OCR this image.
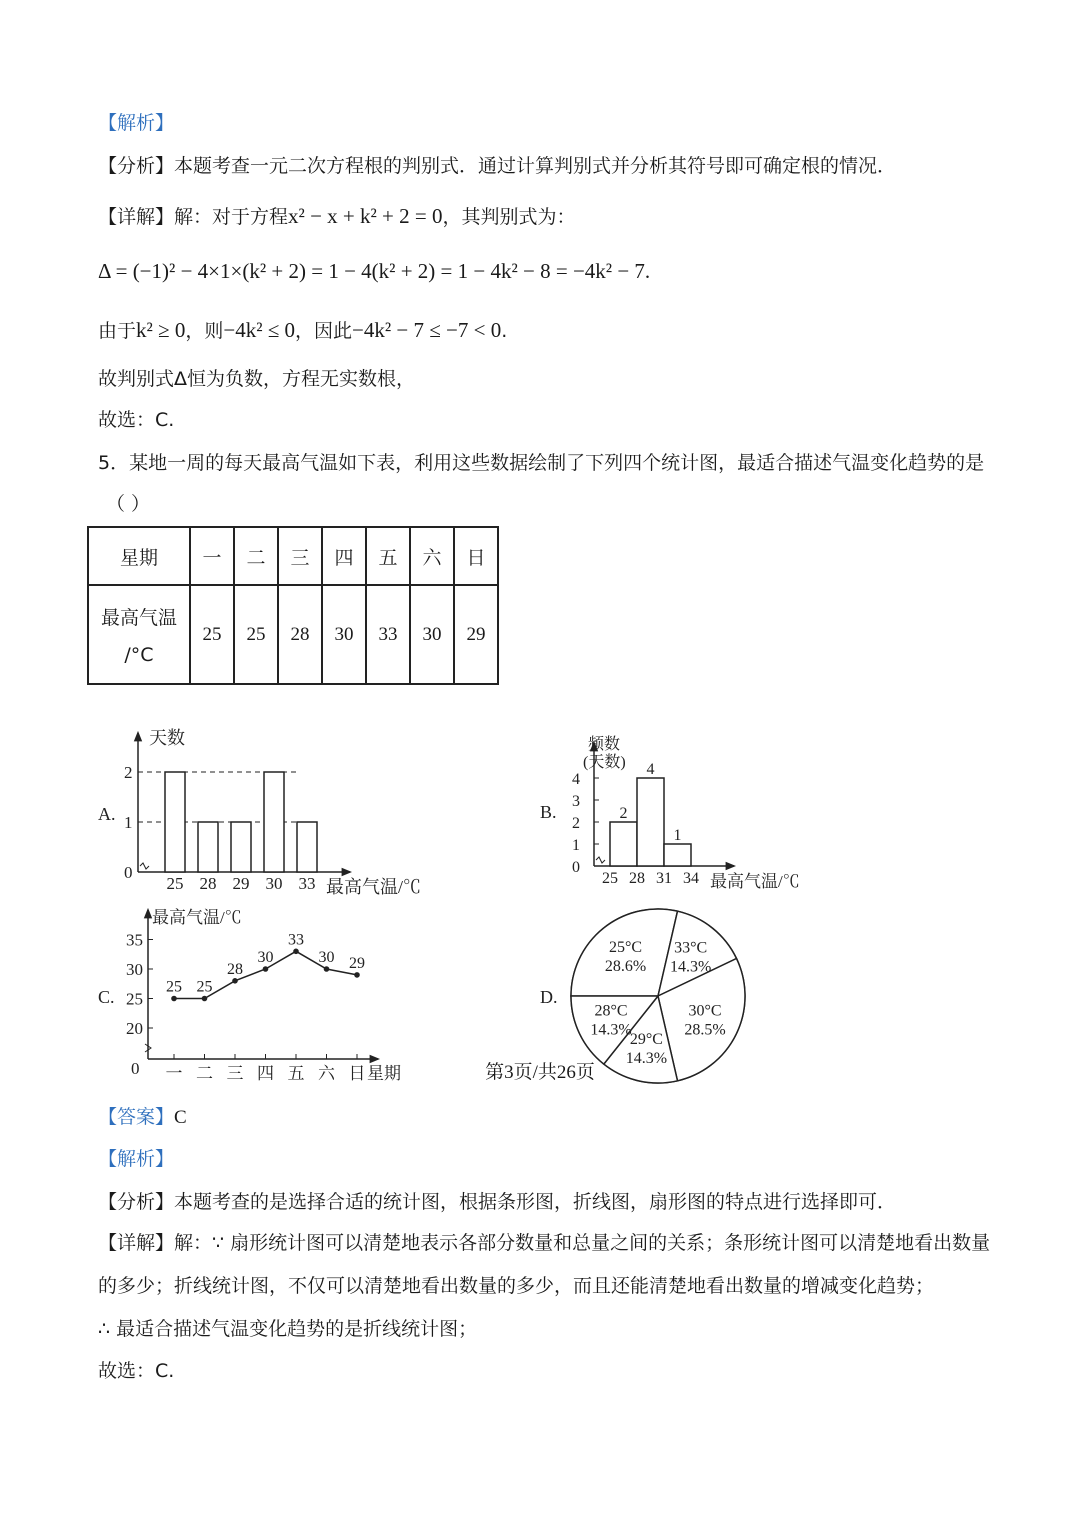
【解析】
【分析】本题考查一元二次方程根的判别式．通过计算判别式并分析其符号即可确定根的情况．
【详解】解：对于方程x² − x + k² + 2 = 0，其判别式为：
Δ = (−1)² − 4×1×(k² + 2) = 1 − 4(k² + 2) = 1 − 4k² − 8 = −4k² − 7.
由于k² ≥ 0，则−4k² ≤ 0，因此−4k² − 7 ≤ −7 < 0.
故判别式Δ恒为负数，方程无实数根，
故选：C.
5．某地一周的每天最高气温如下表，利用这些数据绘制了下列四个统计图，最适合描述气温变化趋势的是
（ ）
星期	一	二	三	四	五	六	日

最高气温
/°C	25	25	28	30	33	30	29
A.	B.
C.	D.
天数
最高气温/℃
0
1
2
25 28 29 30 33
频数
(天数)
最高气温/℃
0
1
2
3
4
2
4
1
25 28 31 34
最高气温/℃
星期
0
20
25
30
35
25
一
25
二
28
三
30
四
33
五
30
六
29
日
25°C
28.6%
33°C
14.3%
30°C
28.5%
29°C
14.3%
28°C
14.3%
【答案】C
【解析】
【分析】本题考查的是选择合适的统计图，根据条形图，折线图，扇形图的特点进行选择即可．
【详解】解：∵ 扇形统计图可以清楚地表示各部分数量和总量之间的关系；条形统计图可以清楚地看出数量
的多少；折线统计图，不仅可以清楚地看出数量的多少，而且还能清楚地看出数量的增减变化趋势；
∴ 最适合描述气温变化趋势的是折线统计图；
故选：C.
第3页/共26页
